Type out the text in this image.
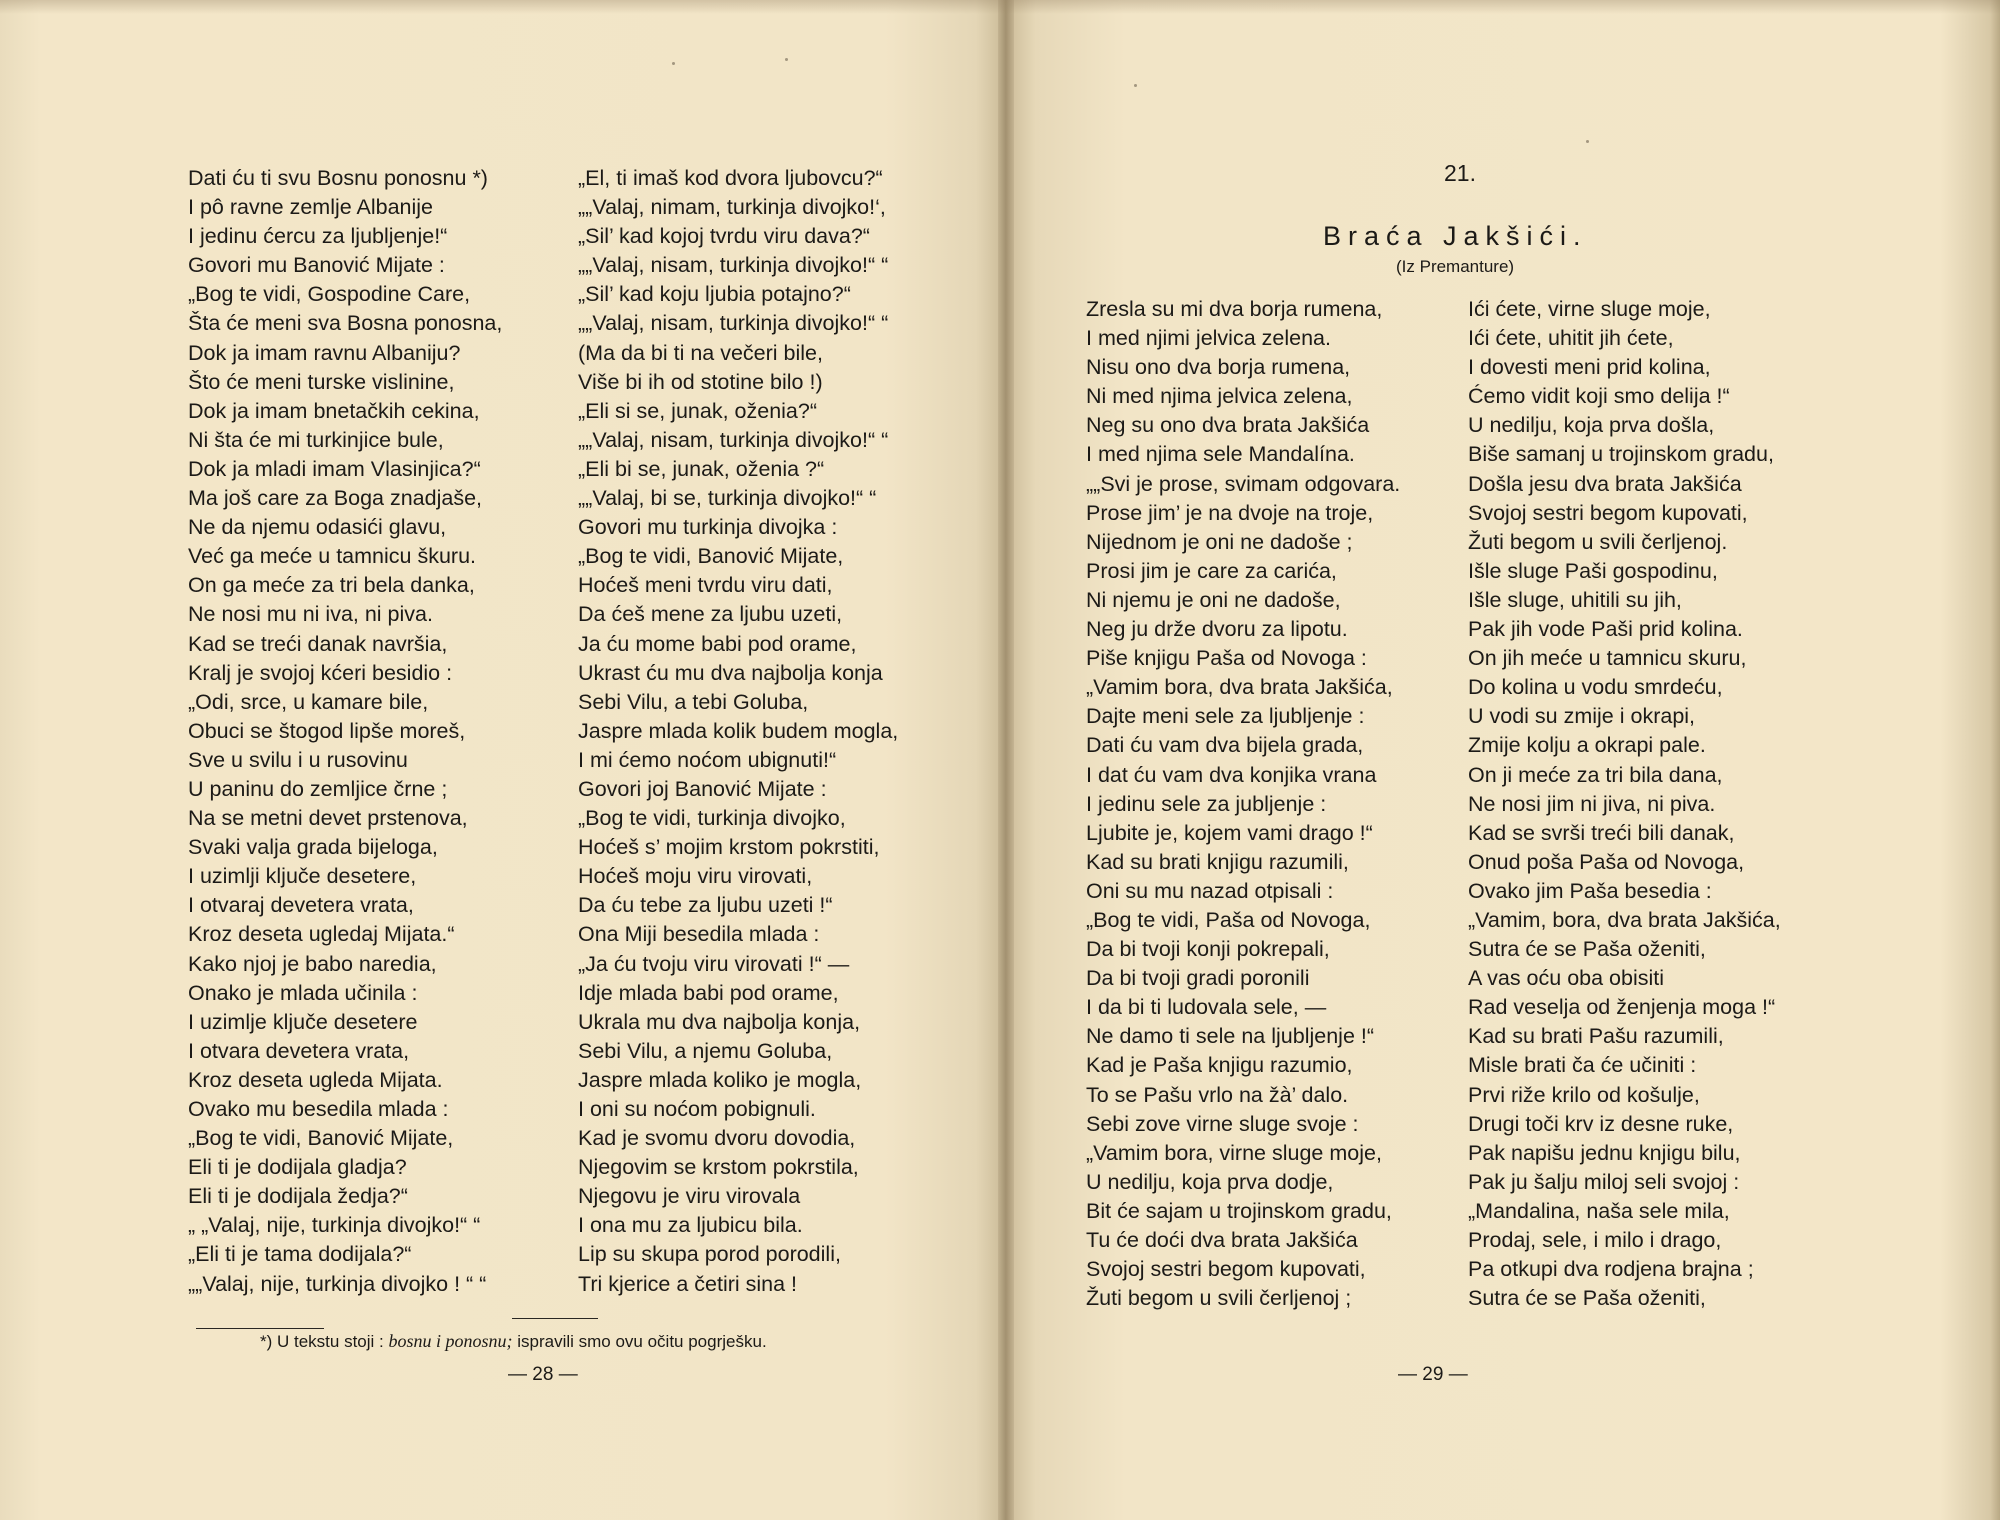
Dati ću ti svu Bosnu ponosnu *)
I pô ravne zemlje Albanije
I jedinu ćercu za ljubljenje!“
Govori mu Banović Mijate :
„Bog te vidi, Gospodine Care,
Šta će meni sva Bosna ponosna,
Dok ja imam ravnu Albaniju?
Što će meni turske vislinine,
Dok ja imam bnetačkih cekina,
Ni šta će mi turkinjice bule,
Dok ja mladi imam Vlasinjica?“
Ma još care za Boga znadjaše,
Ne da njemu odasići glavu,
Već ga meće u tamnicu škuru.
On ga meće za tri bela danka,
Ne nosi mu ni iva, ni piva.
Kad se treći danak navršia,
Kralj je svojoj kćeri besidio :
„Odi, srce, u kamare bile,
Obuci se štogod lipše moreš,
Sve u svilu i u rusovinu
U paninu do zemljice črne ;
Na se metni devet prstenova,
Svaki valja grada bijeloga,
I uzimlji ključe desetere,
I otvaraj devetera vrata,
Kroz deseta ugledaj Mijata.“
Kako njoj je babo naredia,
Onako je mlada učinila :
I uzimlje ključe desetere
I otvara devetera vrata,
Kroz deseta ugleda Mijata.
Ovako mu besedila mlada :
„Bog te vidi, Banović Mijate,
Eli ti je dodijala gladja?
Eli ti je dodijala žedja?“
„ „Valaj, nije, turkinja divojko!“ “
„Eli ti je tama dodijala?“
„„Valaj, nije, turkinja divojko ! “ “
„El, ti imaš kod dvora ljubovcu?“
„„Valaj, nimam, turkinja divojko!‘,
„Sil’ kad kojoj tvrdu viru dava?“
„„Valaj, nisam, turkinja divojko!“ “
„Sil’ kad koju ljubia potajno?“
„„Valaj, nisam, turkinja divojko!“ “
(Ma da bi ti na večeri bile,
Više bi ih od stotine bilo !)
„Eli si se, junak, oženia?“
„„Valaj, nisam, turkinja divojko!“ “
„Eli bi se, junak, oženia ?“
„„Valaj, bi se, turkinja divojko!“ “
Govori mu turkinja divojka :
„Bog te vidi, Banović Mijate,
Hoćeš meni tvrdu viru dati,
Da ćeš mene za ljubu uzeti,
Ja ću mome babi pod orame,
Ukrast ću mu dva najbolja konja
Sebi Vilu, a tebi Goluba,
Jaspre mlada kolik budem mogla,
I mi ćemo noćom ubignuti!“
Govori joj Banović Mijate :
„Bog te vidi, turkinja divojko,
Hoćeš s’ mojim krstom pokrstiti,
Hoćeš moju viru virovati,
Da ću tebe za ljubu uzeti !“
Ona Miji besedila mlada :
„Ja ću tvoju viru virovati !“ —
Idje mlada babi pod orame,
Ukrala mu dva najbolja konja,
Sebi Vilu, a njemu Goluba,
Jaspre mlada koliko je mogla,
I oni su noćom pobignuli.
Kad je svomu dvoru dovodia,
Njegovim se krstom pokrstila,
Njegovu je viru virovala
I ona mu za ljubicu bila.
Lip su skupa porod porodili,
Tri kjerice a četiri sina !
*) U tekstu stoji : bosnu i ponosnu; ispravili smo ovu očitu pogrješku.
— 28 —
21.
Braća Jakšići.
(Iz Premanture)
Zresla su mi dva borja rumena,
I med njimi jelvica zelena.
Nisu ono dva borja rumena,
Ni med njima jelvica zelena,
Neg su ono dva brata Jakšića
I med njima sele Mandalína.
„„Svi je prose, svimam odgovara.
Prose jim’ je na dvoje na troje,
Nijednom je oni ne dadoše ;
Prosi jim je care za carića,
Ni njemu je oni ne dadoše,
Neg ju drže dvoru za lipotu.
Piše knjigu Paša od Novoga :
„Vamim bora, dva brata Jakšića,
Dajte meni sele za ljubljenje :
Dati ću vam dva bijela grada,
I dat ću vam dva konjika vrana
I jedinu sele za jubljenje :
Ljubite je, kojem vami drago !“
Kad su brati knjigu razumili,
Oni su mu nazad otpisali :
„Bog te vidi, Paša od Novoga,
Da bi tvoji konji pokrepali,
Da bi tvoji gradi poronili
I da bi ti ludovala sele, —
Ne damo ti sele na ljubljenje !“
Kad je Paša knjigu razumio,
To se Pašu vrlo na žà’ dalo.
Sebi zove virne sluge svoje :
„Vamim bora, virne sluge moje,
U nedilju, koja prva dodje,
Bit će sajam u trojinskom gradu,
Tu će doći dva brata Jakšića
Svojoj sestri begom kupovati,
Žuti begom u svili čerljenoj ;
Ići ćete, virne sluge moje,
Ići ćete, uhitit jih ćete,
I dovesti meni prid kolina,
Ćemo vidit koji smo delija !“
U nedilju, koja prva došla,
Biše samanj u trojinskom gradu,
Došla jesu dva brata Jakšića
Svojoj sestri begom kupovati,
Žuti begom u svili čerljenoj.
Išle sluge Paši gospodinu,
Išle sluge, uhitili su jih,
Pak jih vode Paši prid kolina.
On jih meće u tamnicu skuru,
Do kolina u vodu smrdeću,
U vodi su zmije i okrapi,
Zmije kolju a okrapi pale.
On ji meće za tri bila dana,
Ne nosi jim ni jiva, ni piva.
Kad se svrši treći bili danak,
Onud poša Paša od Novoga,
Ovako jim Paša besedia :
„Vamim, bora, dva brata Jakšića,
Sutra će se Paša oženiti,
A vas oću oba obisiti
Rad veselja od ženjenja moga !“
Kad su brati Pašu razumili,
Misle brati ča će učiniti :
Prvi riže krilo od košulje,
Drugi toči krv iz desne ruke,
Pak napišu jednu knjigu bilu,
Pak ju šalju miloj seli svojoj :
„Mandalina, naša sele mila,
Prodaj, sele, i milo i drago,
Pa otkupi dva rodjena brajna ;
Sutra će se Paša oženiti,
— 29 —
